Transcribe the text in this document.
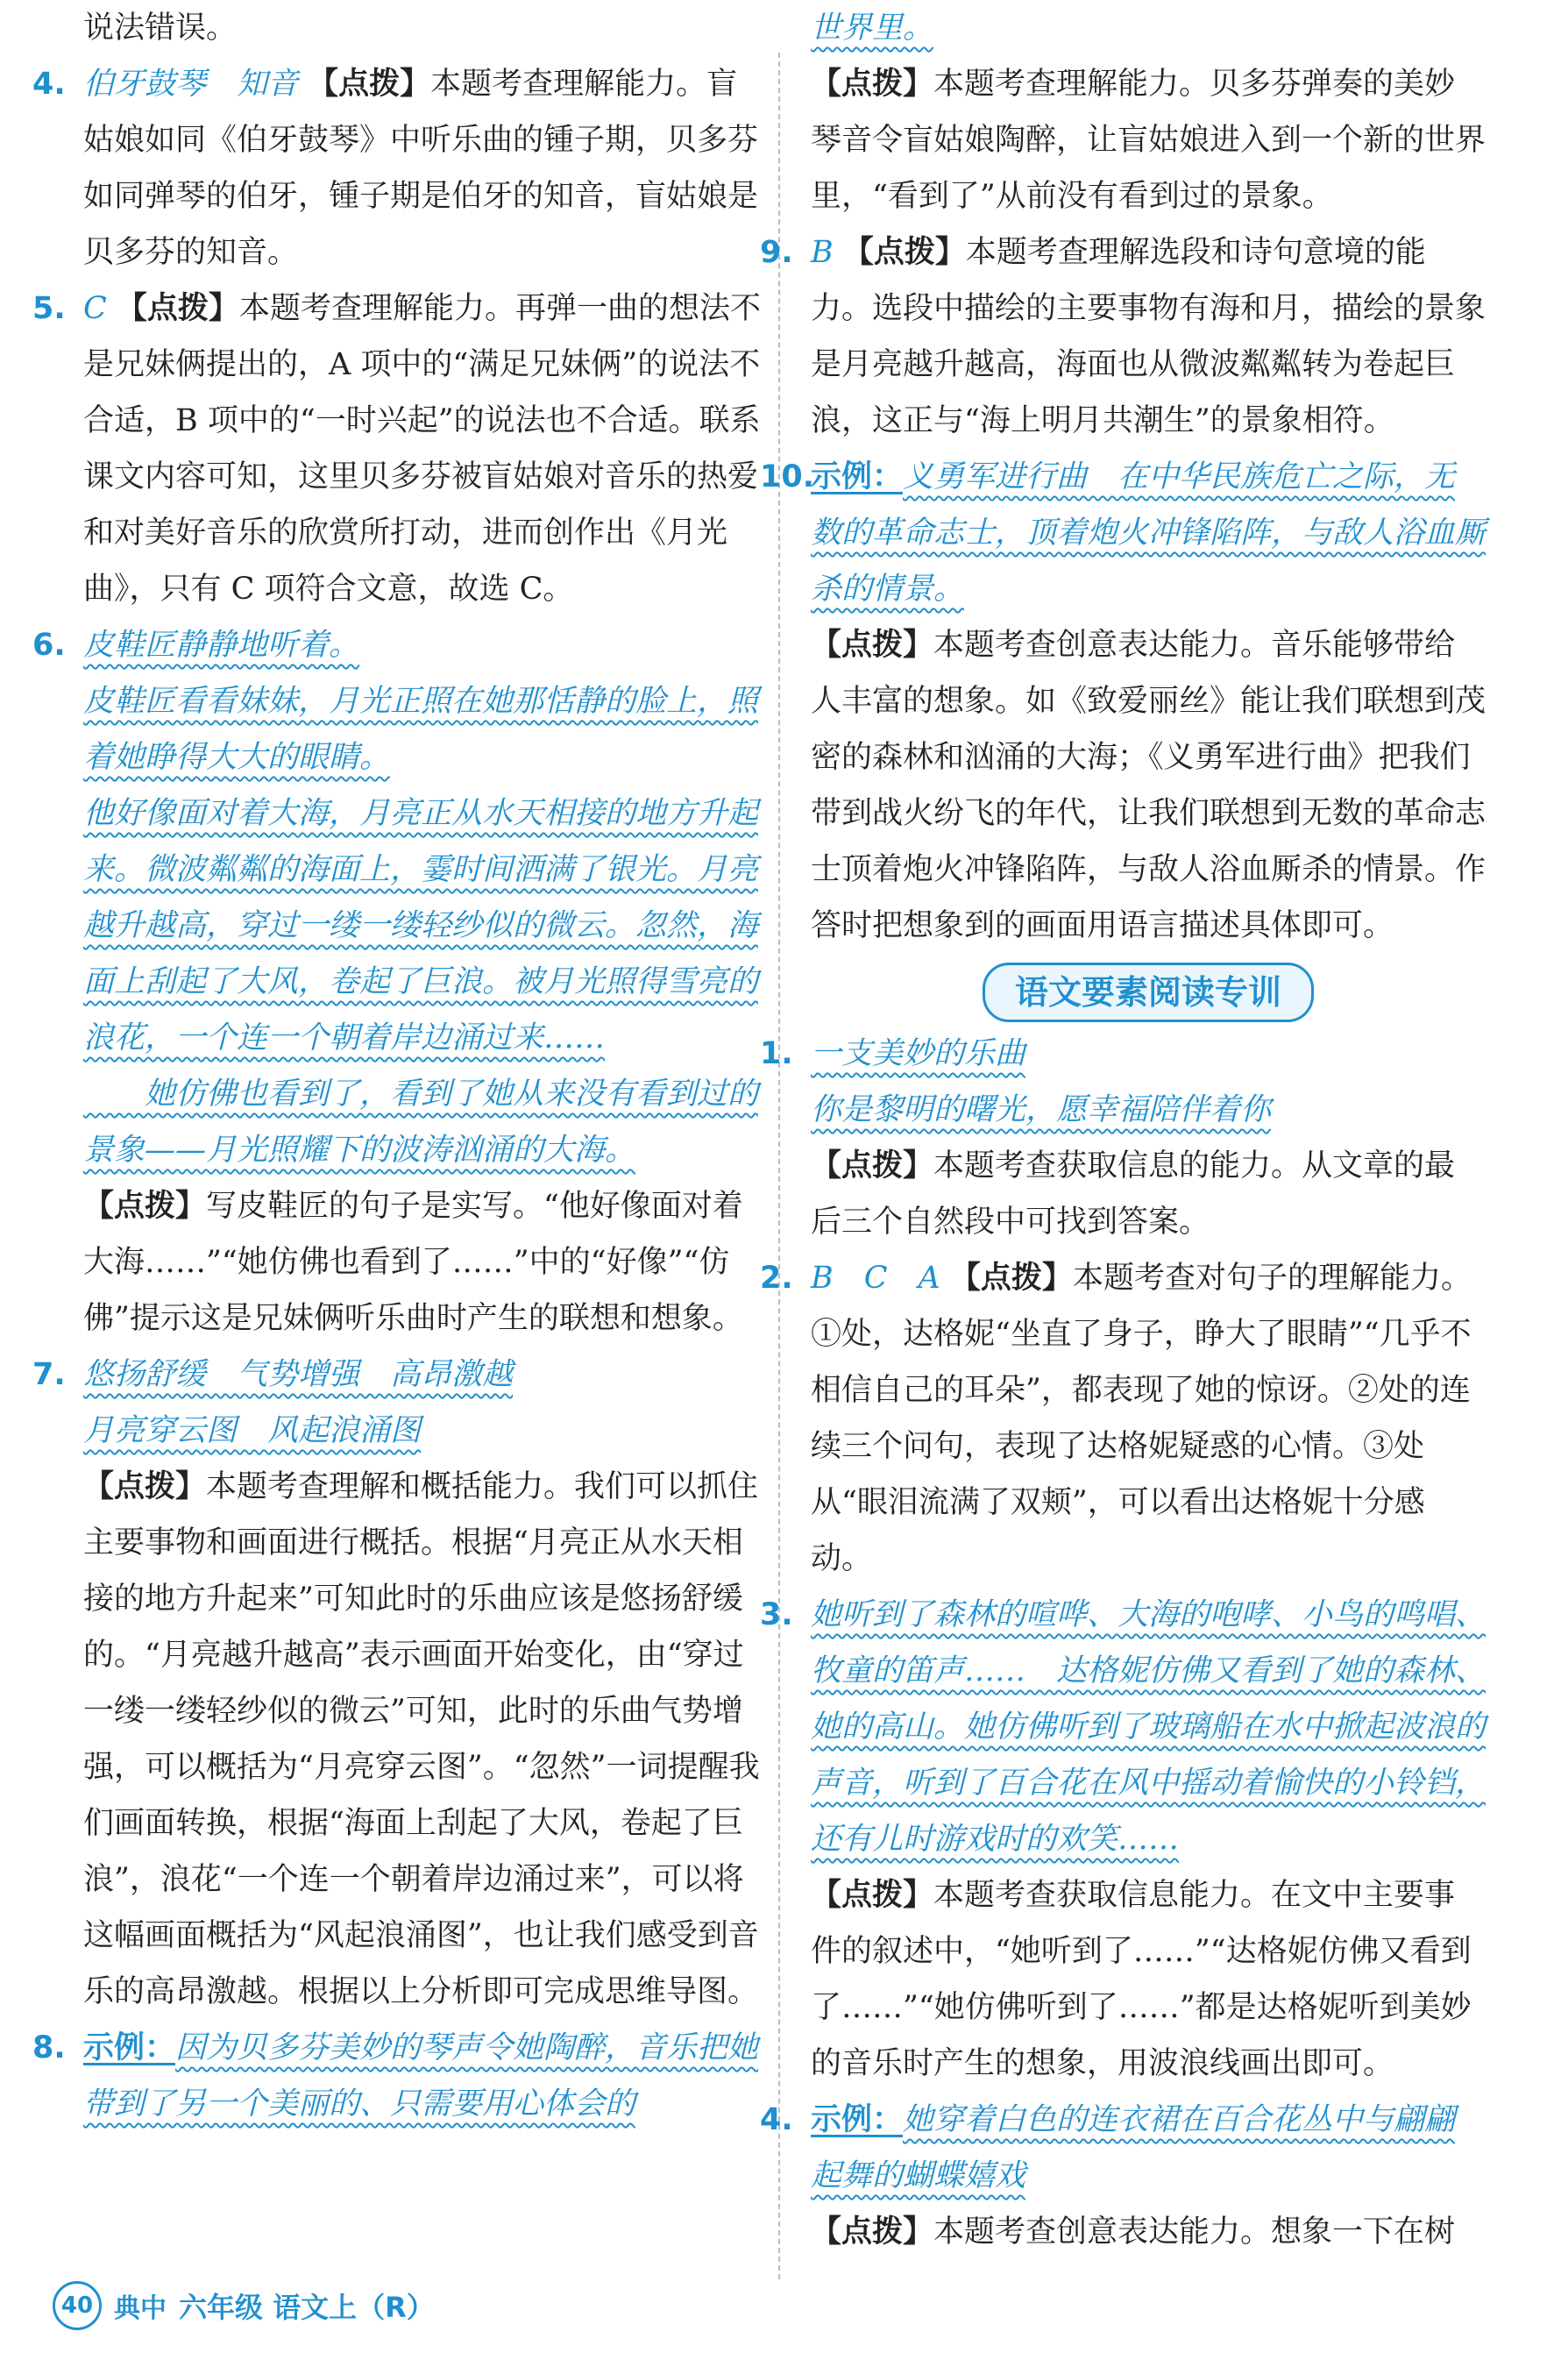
说法错误。
4. 伯牙鼓琴　知音 【点拨】本题考查理解能力。盲姑娘如同《伯牙鼓琴》中听乐曲的锺子期，贝多芬如同弹琴的伯牙，锺子期是伯牙的知音，盲姑娘是贝多芬的知音。
5. C 【点拨】本题考查理解能力。再弹一曲的想法不是兄妹俩提出的，A 项中的“满足兄妹俩”的说法不合适，B 项中的“一时兴起”的说法也不合适。联系课文内容可知，这里贝多芬被盲姑娘对音乐的热爱和对美好音乐的欣赏所打动，进而创作出《月光曲》，只有 C 项符合文意，故选 C。
6. 皮鞋匠静静地听着。
皮鞋匠看看妹妹，月光正照在她那恬静的脸上，照着她睁得大大的眼睛。
他好像面对着大海，月亮正从水天相接的地方升起来。微波粼粼的海面上，霎时间洒满了银光。月亮越升越高，穿过一缕一缕轻纱似的微云。忽然，海面上刮起了大风，卷起了巨浪。被月光照得雪亮的浪花，一个连一个朝着岸边涌过来……
　　她仿佛也看到了，看到了她从来没有看到过的景象——月光照耀下的波涛汹涌的大海。
【点拨】写皮鞋匠的句子是实写。“他好像面对着大海……”“她仿佛也看到了……”中的“好像”“仿佛”提示这是兄妹俩听乐曲时产生的联想和想象。
7. 悠扬舒缓　气势增强　高昂激越
月亮穿云图　风起浪涌图
【点拨】本题考查理解和概括能力。我们可以抓住主要事物和画面进行概括。根据“月亮正从水天相接的地方升起来”可知此时的乐曲应该是悠扬舒缓的。“月亮越升越高”表示画面开始变化，由“穿过一缕一缕轻纱似的微云”可知，此时的乐曲气势增强，可以概括为“月亮穿云图”。“忽然”一词提醒我们画面转换，根据“海面上刮起了大风，卷起了巨浪”，浪花“一个连一个朝着岸边涌过来”，可以将这幅画面概括为“风起浪涌图”，也让我们感受到音乐的高昂激越。根据以上分析即可完成思维导图。
8. 示例：因为贝多芬美妙的琴声令她陶醉，音乐把她带到了另一个美丽的、只需要用心体会的
世界里。
【点拨】本题考查理解能力。贝多芬弹奏的美妙琴音令盲姑娘陶醉，让盲姑娘进入到一个新的世界里，“看到了”从前没有看到过的景象。
9. B 【点拨】本题考查理解选段和诗句意境的能力。选段中描绘的主要事物有海和月，描绘的景象是月亮越升越高，海面也从微波粼粼转为卷起巨浪，这正与“海上明月共潮生”的景象相符。
10.
示例：义勇军进行曲　在中华民族危亡之际，无数的革命志士，顶着炮火冲锋陷阵，与敌人浴血厮杀的情景。
【点拨】本题考查创意表达能力。音乐能够带给人丰富的想象。如《致爱丽丝》能让我们联想到茂密的森林和汹涌的大海；《义勇军进行曲》把我们带到战火纷飞的年代，让我们联想到无数的革命志士顶着炮火冲锋陷阵，与敌人浴血厮杀的情景。作答时把想象到的画面用语言描述具体即可。
语文要素阅读专训
1. 一支美妙的乐曲
你是黎明的曙光，愿幸福陪伴着你
【点拨】本题考查获取信息的能力。从文章的最后三个自然段中可找到答案。
2. B　C　A 【点拨】本题考查对句子的理解能力。①处，达格妮“坐直了身子，睁大了眼睛”“几乎不相信自己的耳朵”，都表现了她的惊讶。②处的连续三个问句，表现了达格妮疑惑的心情。③处从“眼泪流满了双颊”，可以看出达格妮十分感动。
3. 她听到了森林的喧哗、大海的咆哮、小鸟的鸣唱、牧童的笛声……　达格妮仿佛又看到了她的森林、她的高山。她仿佛听到了玻璃船在水中掀起波浪的声音，听到了百合花在风中摇动着愉快的小铃铛，还有儿时游戏时的欢笑……
【点拨】本题考查获取信息能力。在文中主要事件的叙述中，“她听到了……”“达格妮仿佛又看到了……”“她仿佛听到了……”都是达格妮听到美妙的音乐时产生的想象，用波浪线画出即可。
4. 示例：她穿着白色的连衣裙在百合花丛中与翩翩起舞的蝴蝶嬉戏
【点拨】本题考查创意表达能力。想象一下在树
40 典中 六年级 语文上（R）
